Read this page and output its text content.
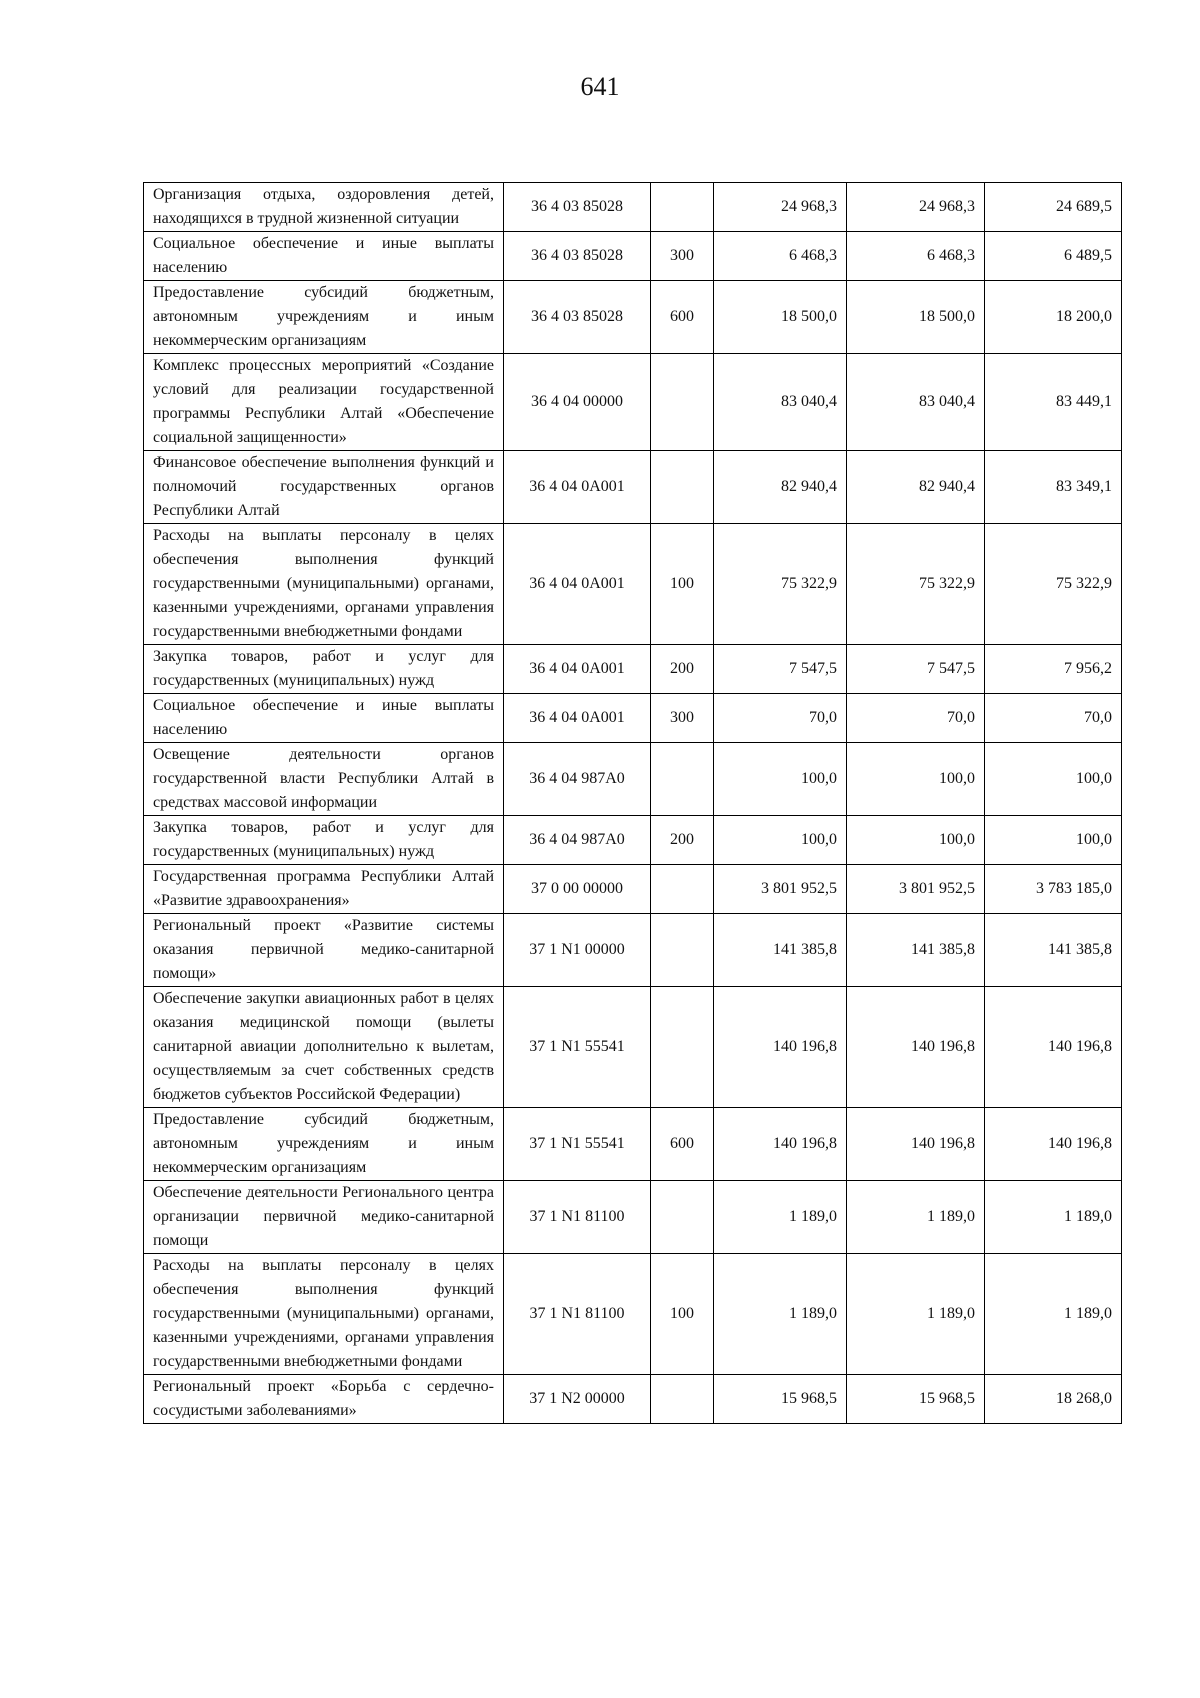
641
Организация отдыха, оздоровления детей, находящихся в трудной жизненной ситуации	36 4 03 85028		24 968,3	24 968,3	24 689,5
Социальное обеспечение и иные выплаты населению	36 4 03 85028	300	6 468,3	6 468,3	6 489,5
Предоставление субсидий бюджетным, автономным учреждениям и иным некоммерческим организациям	36 4 03 85028	600	18 500,0	18 500,0	18 200,0
Комплекс процессных мероприятий «Создание условий для реализации государственной программы Республики Алтай «Обеспечение социальной защищенности»	36 4 04 00000		83 040,4	83 040,4	83 449,1
Финансовое обеспечение выполнения функций и полномочий государственных органов Республики Алтай	36 4 04 0А001		82 940,4	82 940,4	83 349,1
Расходы на выплаты персоналу в целях обеспечения выполнения функций государственными (муниципальными) органами, казенными учреждениями, органами управления государственными внебюджетными фондами	36 4 04 0А001	100	75 322,9	75 322,9	75 322,9
Закупка товаров, работ и услуг для государственных (муниципальных) нужд	36 4 04 0А001	200	7 547,5	7 547,5	7 956,2
Социальное обеспечение и иные выплаты населению	36 4 04 0А001	300	70,0	70,0	70,0
Освещение деятельности органов государственной власти Республики Алтай в средствах массовой информации	36 4 04 987А0		100,0	100,0	100,0
Закупка товаров, работ и услуг для государственных (муниципальных) нужд	36 4 04 987А0	200	100,0	100,0	100,0
Государственная программа Республики Алтай «Развитие здравоохранения»	37 0 00 00000		3 801 952,5	3 801 952,5	3 783 185,0
Региональный проект «Развитие системы оказания первичной медико-санитарной помощи»	37 1 N1 00000		141 385,8	141 385,8	141 385,8
Обеспечение закупки авиационных работ в целях оказания медицинской помощи (вылеты санитарной авиации дополнительно к вылетам, осуществляемым за счет собственных средств бюджетов субъектов Российской Федерации)	37 1 N1 55541		140 196,8	140 196,8	140 196,8
Предоставление субсидий бюджетным, автономным учреждениям и иным некоммерческим организациям	37 1 N1 55541	600	140 196,8	140 196,8	140 196,8
Обеспечение деятельности Регионального центра организации первичной медико-санитарной помощи	37 1 N1 81100		1 189,0	1 189,0	1 189,0
Расходы на выплаты персоналу в целях обеспечения выполнения функций государственными (муниципальными) органами, казенными учреждениями, органами управления государственными внебюджетными фондами	37 1 N1 81100	100	1 189,0	1 189,0	1 189,0
Региональный проект «Борьба с сердечно-сосудистыми заболеваниями»	37 1 N2 00000		15 968,5	15 968,5	18 268,0
